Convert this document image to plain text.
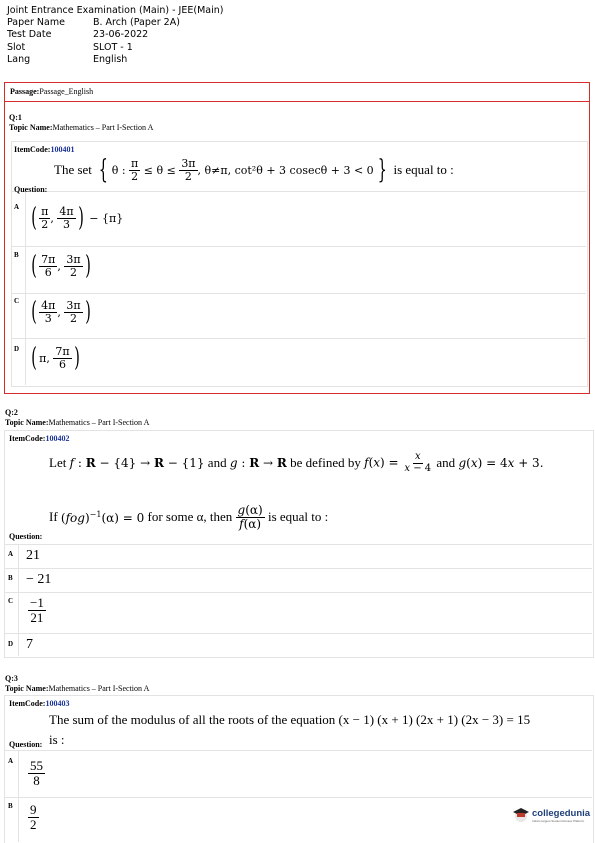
Joint Entrance Examination (Main) - JEE(Main)
Paper Name	B. Arch (Paper 2A)
Test Date	23-06-2022
Slot	SLOT - 1
Lang	English
Passage:Passage_English
Q:1
Topic Name:Mathematics – Part I-Section A
ItemCode:100401
Question:
The set
{ θ : $\frac{\pi}{2} \le \theta \le \frac{3\pi}{2}$ , θ≠π, cot²θ + 3 cosecθ + 3 < 0 }
is equal to :
A ( $\frac{\pi}{2}$ , $\frac{4\pi}{3}$ ) − {π}
B ( $\frac{7\pi}{6}$ , $\frac{3\pi}{2}$ )
C ( $\frac{4\pi}{3}$ , $\frac{3\pi}{2}$ )
D ( π, $\frac{7\pi}{6}$ )
Q:2
Topic Name:Mathematics – Part I-Section A
ItemCode:100402
Let
f : R − {4} → R − {1} and g : R → R
be defined by
$f(x) = \frac{x}{x - 4}$
and
g(x) = 4x + 3.
If
(fog)$^{-1}$(α) = 0
for some α, then
$\frac{g(\alpha)}{f(\alpha)}$
is equal to :
Question:
A 21
B − 21
C $\frac{-1}{21}$
D 7
Q:3
Topic Name:Mathematics – Part I-Section A
ItemCode:100403
The sum of the modulus of all the roots of the equation (x − 1) (x + 1) (2x + 1) (2x − 3) = 15
is :
Question:
A $\frac{55}{8}$
B $\frac{9}{2}$	collegedunia
India's largest Student Review Platform
